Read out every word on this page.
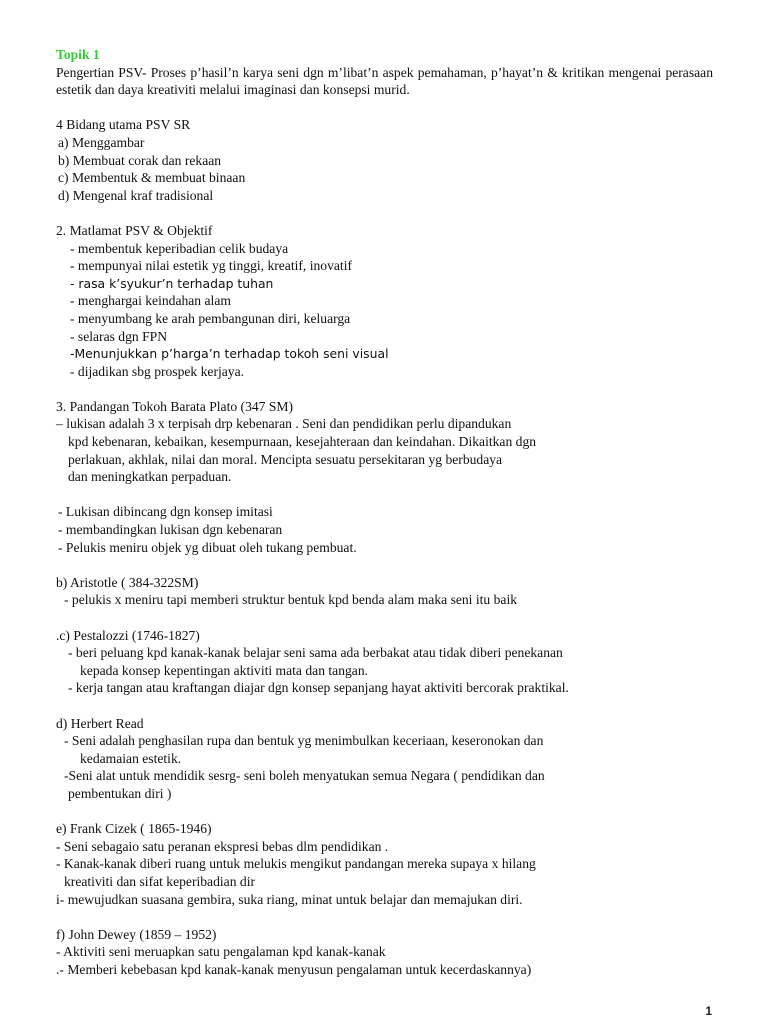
Topik 1
Pengertian PSV- Proses p’hasil’n karya seni dgn m’libat’n aspek pemahaman, p’hayat’n & kritikan mengenai perasaan estetik dan daya kreativiti melalui imaginasi dan konsepsi murid.
4 Bidang utama PSV SR
a) Menggambar
b) Membuat corak dan rekaan
c) Membentuk & membuat binaan
d) Mengenal kraf tradisional
2. Matlamat PSV & Objektif
- membentuk keperibadian celik budaya
- mempunyai nilai estetik yg tinggi, kreatif, inovatif
- rasa k’syukur’n terhadap tuhan
- menghargai keindahan alam
- menyumbang ke arah pembangunan diri, keluarga
- selaras dgn FPN
-Menunjukkan p’harga’n terhadap tokoh seni visual
- dijadikan sbg prospek kerjaya.
3. Pandangan Tokoh Barata Plato (347 SM)
– lukisan adalah 3 x terpisah drp kebenaran . Seni dan pendidikan perlu dipandukan
kpd kebenaran, kebaikan, kesempurnaan, kesejahteraan dan keindahan. Dikaitkan dgn
perlakuan, akhlak, nilai dan moral. Mencipta sesuatu persekitaran yg berbudaya
dan meningkatkan perpaduan.
- Lukisan dibincang dgn konsep imitasi
- membandingkan lukisan dgn kebenaran
- Pelukis meniru objek yg dibuat oleh tukang pembuat.
b) Aristotle ( 384-322SM)
- pelukis x meniru tapi memberi struktur bentuk kpd benda alam maka seni itu baik
.c) Pestalozzi (1746-1827)
- beri peluang kpd kanak-kanak belajar seni sama ada berbakat atau tidak diberi penekanan
kepada konsep kepentingan aktiviti mata dan tangan.
- kerja tangan atau kraftangan diajar dgn konsep sepanjang hayat aktiviti bercorak praktikal.
d) Herbert Read
- Seni adalah penghasilan rupa dan bentuk yg menimbulkan keceriaan, keseronokan dan
kedamaian estetik.
-Seni alat untuk mendidik sesrg- seni boleh menyatukan semua Negara ( pendidikan dan
pembentukan diri )
e) Frank Cizek ( 1865-1946)
- Seni sebagaio satu peranan ekspresi bebas dlm pendidikan .
- Kanak-kanak diberi ruang untuk melukis mengikut pandangan mereka supaya x hilang
kreativiti dan sifat keperibadian dir
i- mewujudkan suasana gembira, suka riang, minat untuk belajar dan memajukan diri.
f) John Dewey (1859 – 1952)
- Aktiviti seni meruapkan satu pengalaman kpd kanak-kanak
.- Memberi kebebasan kpd kanak-kanak menyusun pengalaman untuk kecerdaskannya)
1
